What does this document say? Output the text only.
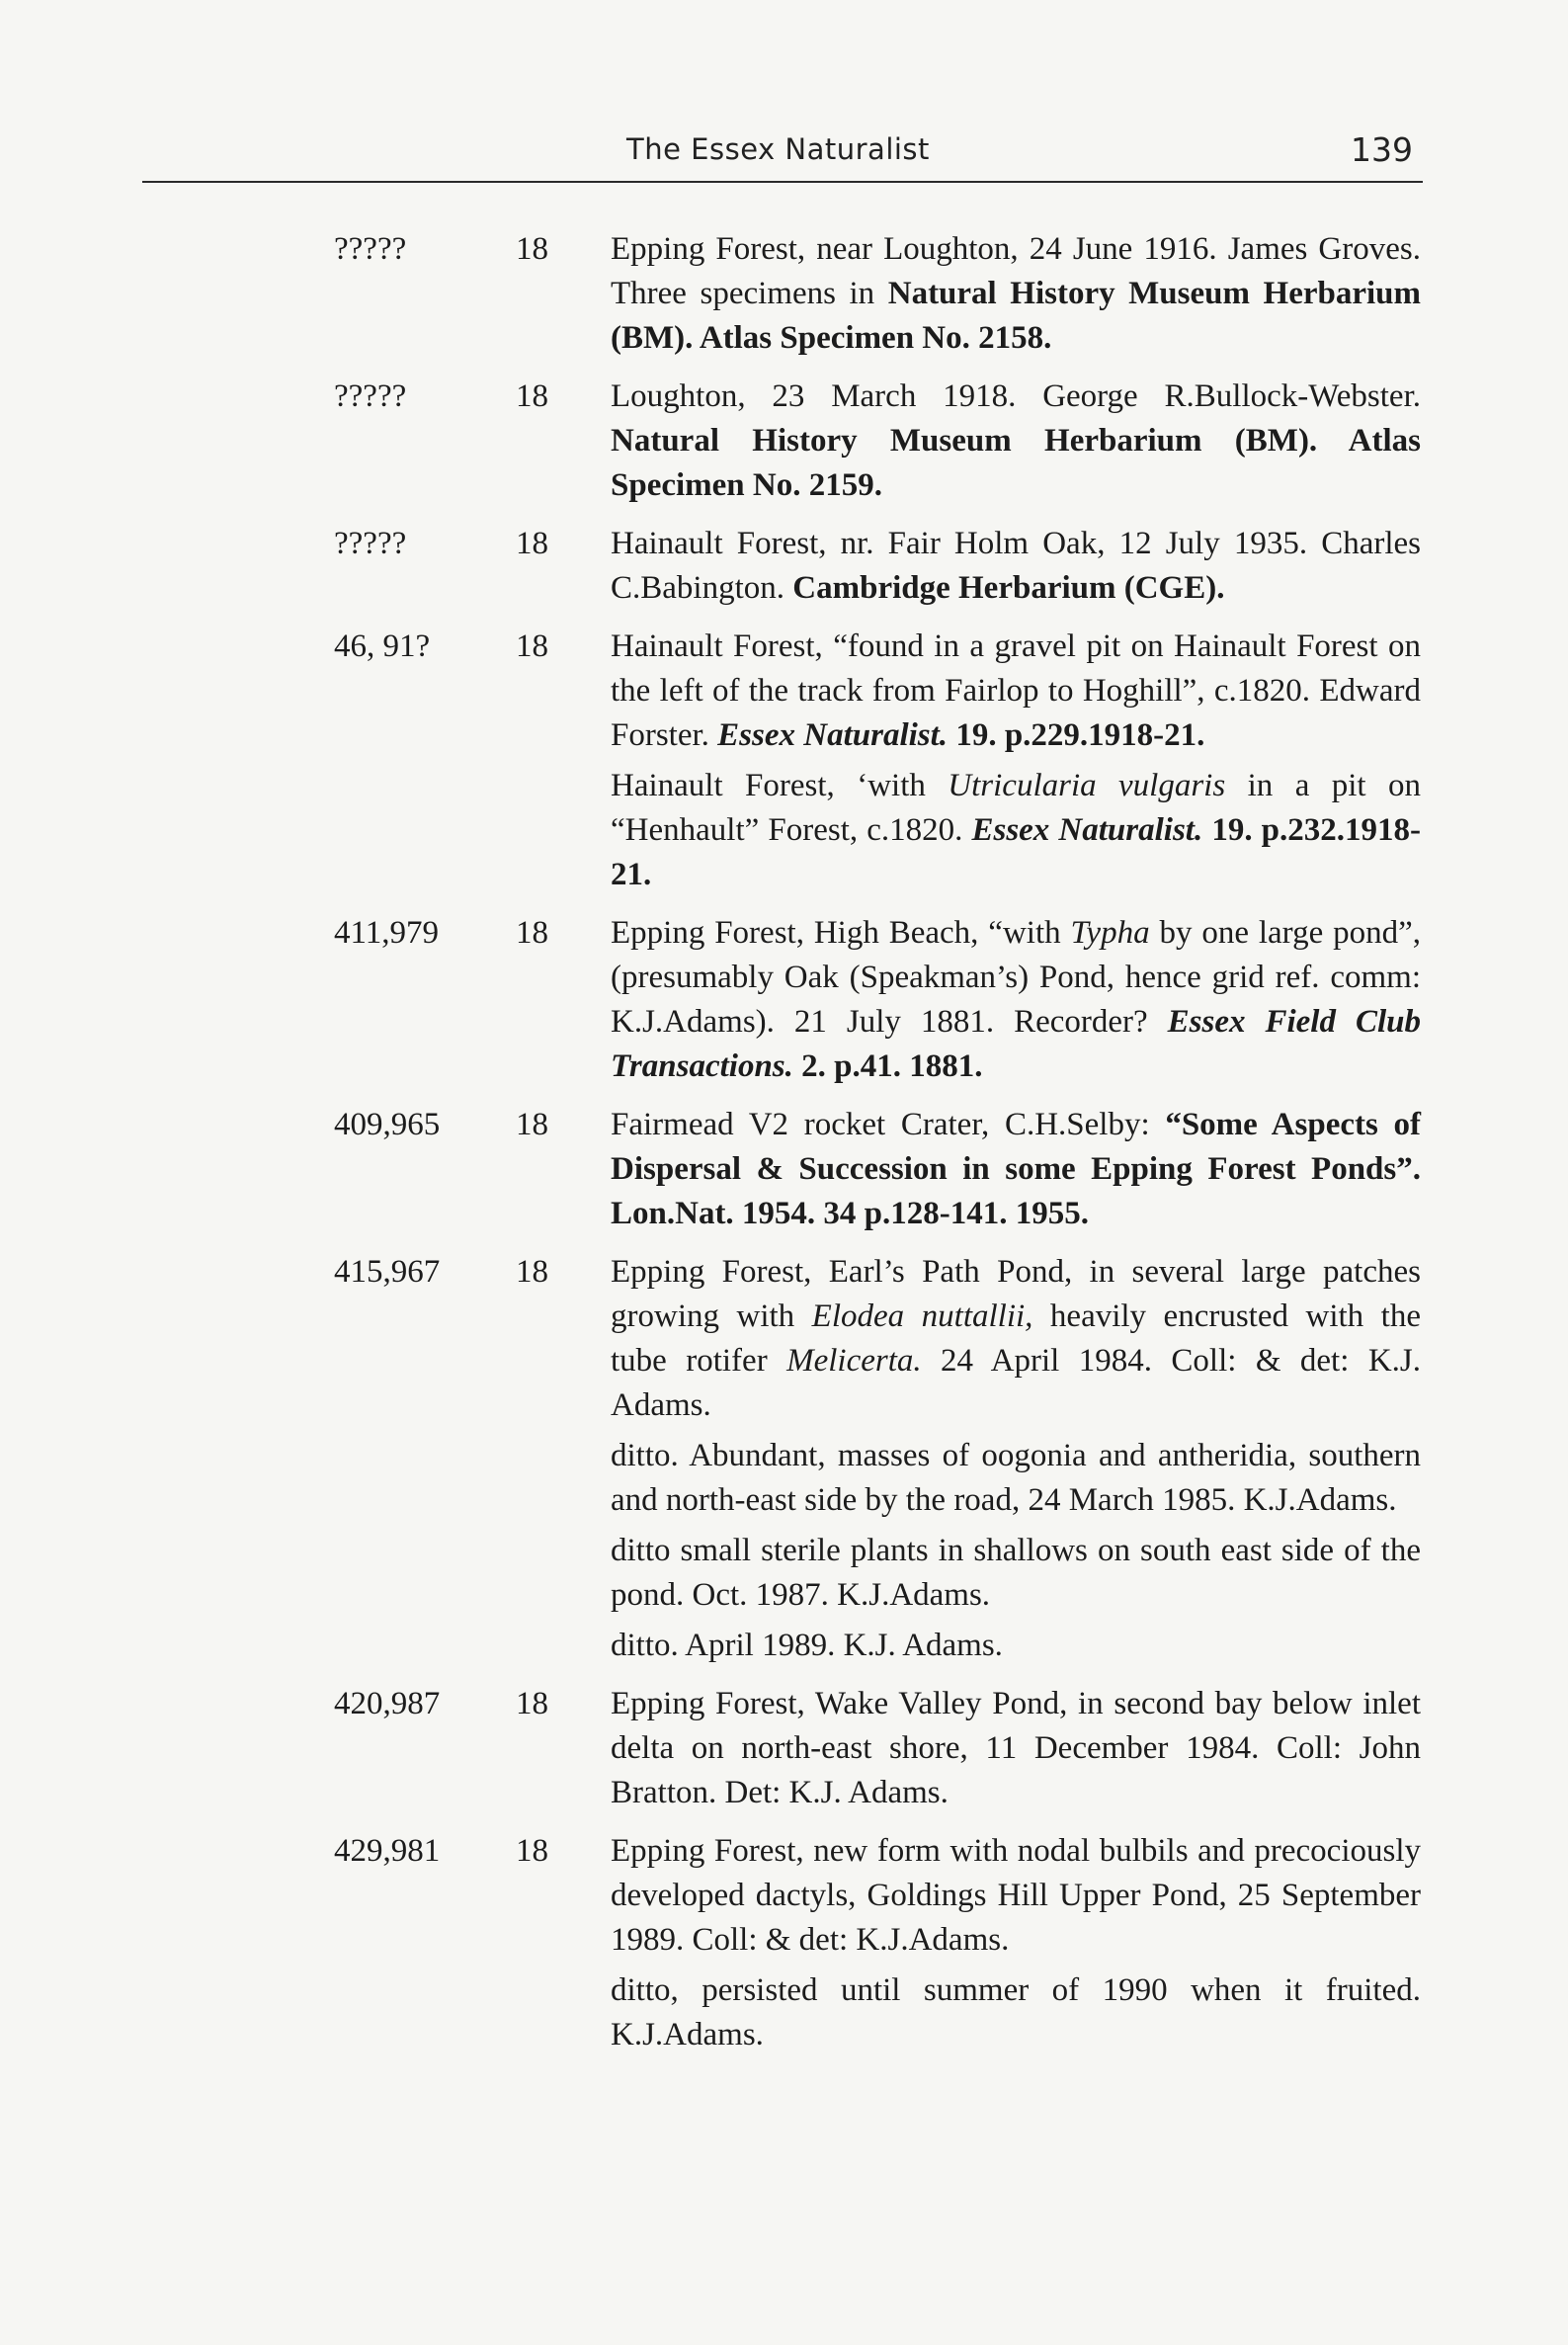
The Essex Naturalist	139
?????	18 Epping Forest, near Loughton, 24 June 1916. James Groves. Three specimens in Natural History Museum Herbarium (BM). Atlas Specimen No. 2158.

?????	18 Loughton, 23 March 1918. George R.Bullock-Webster. Natural History Museum Herbarium (BM). Atlas Specimen No. 2159.

?????	18 Hainault Forest, nr. Fair Holm Oak, 12 July 1935. Charles C.Babington. Cambridge Herbarium (CGE).

46, 91?	18 Hainault Forest, “found in a gravel pit on Hainault Forest on the left of the track from Fairlop to Hoghill”, c.1820. Edward Forster. Essex Naturalist. 19. p.229.1918-21.

Hainault Forest, ‘with Utricularia vulgaris in a pit on “Henhault” Forest, c.1820. Essex Naturalist. 19. p.232.1918-21.

411,979 18 Epping Forest, High Beach, “with Typha by one large pond”, (presumably Oak (Speakman’s) Pond, hence grid ref. comm: K.J.Adams). 21 July 1881. Recorder? Essex Field Club Transactions. 2. p.41. 1881.

409,965 18 Fairmead V2 rocket Crater, C.H.Selby: “Some Aspects of Dispersal & Succession in some Epping Forest Ponds”. Lon.Nat. 1954. 34 p.128-141. 1955.

415,967 18 Epping Forest, Earl’s Path Pond, in several large patches growing with Elodea nuttallii, heavily encrusted with the tube rotifer Melicerta. 24 April 1984. Coll: & det: K.J. Adams.

ditto. Abundant, masses of oogonia and antheridia, southern and north-east side by the road, 24 March 1985. K.J.Adams.

ditto small sterile plants in shallows on south east side of the pond. Oct. 1987. K.J.Adams.

ditto. April 1989. K.J. Adams.

420,987 18 Epping Forest, Wake Valley Pond, in second bay below inlet delta on north-east shore, 11 December 1984. Coll: John Bratton. Det: K.J. Adams.

429,981 18 Epping Forest, new form with nodal bulbils and precociously developed dactyls, Goldings Hill Upper Pond, 25 September 1989. Coll: & det: K.J.Adams.

ditto, persisted until summer of 1990 when it fruited. K.J.Adams.
